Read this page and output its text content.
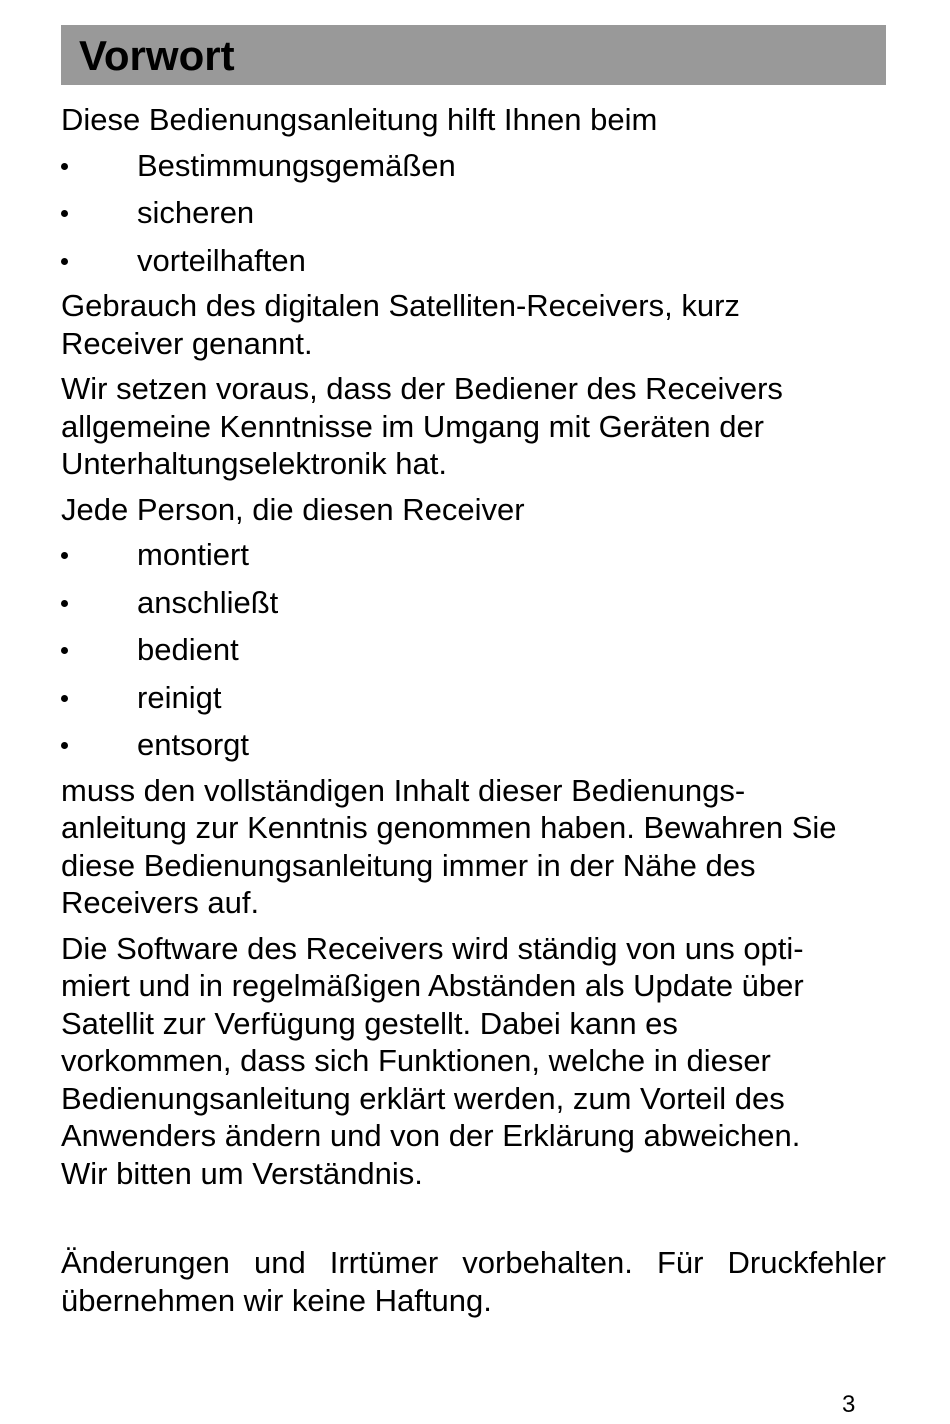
Vorwort

Diese Bedienungsanleitung hilft Ihnen beim

Bestimmungsgemäßen
sicheren
vorteilhaften

Gebrauch des digitalen Satelliten-Receivers, kurz
Receiver genannt.

Wir setzen voraus, dass der Bediener des Receivers
allgemeine Kenntnisse im Umgang mit Geräten der
Unterhaltungselektronik hat.

Jede Person, die diesen Receiver

montiert
anschließt
bedient
reinigt
entsorgt

muss den vollständigen Inhalt dieser Bedienungs-
anleitung zur Kenntnis genommen haben. Bewahren Sie
diese Bedienungsanleitung immer in der Nähe des
Receivers auf.

Die Software des Receivers wird ständig von uns opti-
miert und in regelmäßigen Abständen als Update über
Satellit zur Verfügung gestellt. Dabei kann es
vorkommen, dass sich Funktionen, welche in dieser
Bedienungsanleitung erklärt werden, zum Vorteil des
Anwenders ändern und von der Erklärung abweichen.
Wir bitten um Verständnis.

Änderungen und Irrtümer vorbehalten. Für Druckfehler
übernehmen wir keine Haftung.

3
